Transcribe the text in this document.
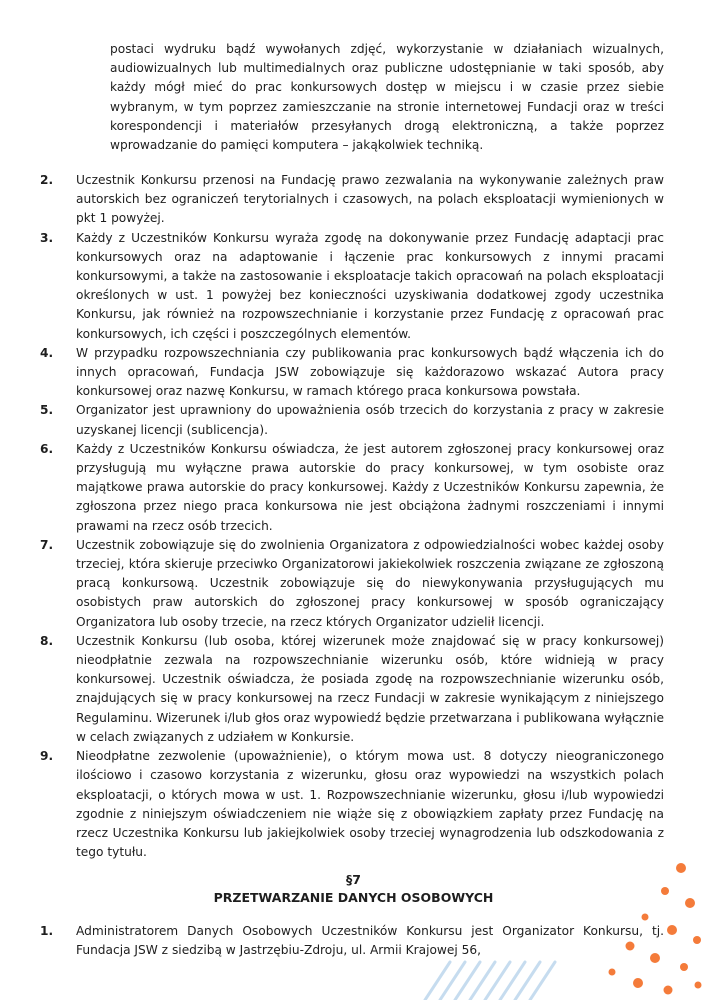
postaci wydruku bądź wywołanych zdjęć, wykorzystanie w działaniach wizualnych, audiowizualnych lub multimedialnych oraz publiczne udostępnianie w taki sposób, aby każdy mógł mieć do prac konkursowych dostęp w miejscu i w czasie przez siebie wybranym, w tym poprzez zamieszczanie na stronie internetowej Fundacji oraz w treści korespondencji i materiałów przesyłanych drogą elektroniczną, a także poprzez wprowadzanie do pamięci komputera – jakąkolwiek techniką.
2.	Uczestnik Konkursu przenosi na Fundację prawo zezwalania na wykonywanie zależnych praw autorskich bez ograniczeń terytorialnych i czasowych, na polach eksploatacji wymienionych w pkt 1 powyżej.
3.	Każdy z Uczestników Konkursu wyraża zgodę na dokonywanie przez Fundację adaptacji prac konkursowych oraz na adaptowanie i łączenie prac konkursowych z innymi pracami konkursowymi, a także na zastosowanie i eksploatacje takich opracowań na polach eksploatacji określonych w ust. 1 powyżej bez konieczności uzyskiwania dodatkowej zgody uczestnika Konkursu, jak również na rozpowszechnianie i korzystanie przez Fundację z opracowań prac konkursowych, ich części i poszczególnych elementów.
4.	W przypadku rozpowszechniania czy publikowania prac konkursowych bądź włączenia ich do innych opracowań, Fundacja JSW zobowiązuje się każdorazowo wskazać Autora pracy konkursowej oraz nazwę Konkursu, w ramach którego praca konkursowa powstała.
5.	Organizator jest uprawniony do upoważnienia osób trzecich do korzystania z pracy w zakresie uzyskanej licencji (sublicencja).
6.	Każdy z Uczestników Konkursu oświadcza, że jest autorem zgłoszonej pracy konkursowej oraz przysługują mu wyłączne prawa autorskie do pracy konkursowej, w tym osobiste oraz majątkowe prawa autorskie do pracy konkursowej. Każdy z Uczestników Konkursu zapewnia, że zgłoszona przez niego praca konkursowa nie jest obciążona żadnymi roszczeniami i innymi prawami na rzecz osób trzecich.
7.	Uczestnik zobowiązuje się do zwolnienia Organizatora z odpowiedzialności wobec każdej osoby trzeciej, która skieruje przeciwko Organizatorowi jakiekolwiek roszczenia związane ze zgłoszoną pracą konkursową. Uczestnik zobowiązuje się do niewykonywania przysługujących mu osobistych praw autorskich do zgłoszonej pracy konkursowej w sposób ograniczający Organizatora lub osoby trzecie, na rzecz których Organizator udzielił licencji.
8.	Uczestnik Konkursu (lub osoba, której wizerunek może znajdować się w pracy konkursowej) nieodpłatnie zezwala na rozpowszechnianie wizerunku osób, które widnieją w pracy konkursowej. Uczestnik oświadcza, że posiada zgodę na rozpowszechnianie wizerunku osób, znajdujących się w pracy konkursowej na rzecz Fundacji w zakresie wynikającym z niniejszego Regulaminu. Wizerunek i/lub głos oraz wypowiedź będzie przetwarzana i publikowana wyłącznie w celach związanych z udziałem w Konkursie.
9.	Nieodpłatne zezwolenie (upoważnienie), o którym mowa ust. 8 dotyczy nieograniczonego ilościowo i czasowo korzystania z wizerunku, głosu oraz wypowiedzi na wszystkich polach eksploatacji, o których mowa w ust. 1. Rozpowszechnianie wizerunku, głosu i/lub wypowiedzi zgodnie z niniejszym oświadczeniem nie wiąże się z obowiązkiem zapłaty przez Fundację na rzecz Uczestnika Konkursu lub jakiejkolwiek osoby trzeciej wynagrodzenia lub odszkodowania z tego tytułu.
§7
PRZETWARZANIE DANYCH OSOBOWYCH
1.	Administratorem Danych Osobowych Uczestników Konkursu jest Organizator Konkursu, tj. Fundacja JSW z siedzibą w Jastrzębiu-Zdroju, ul. Armii Krajowej 56,
